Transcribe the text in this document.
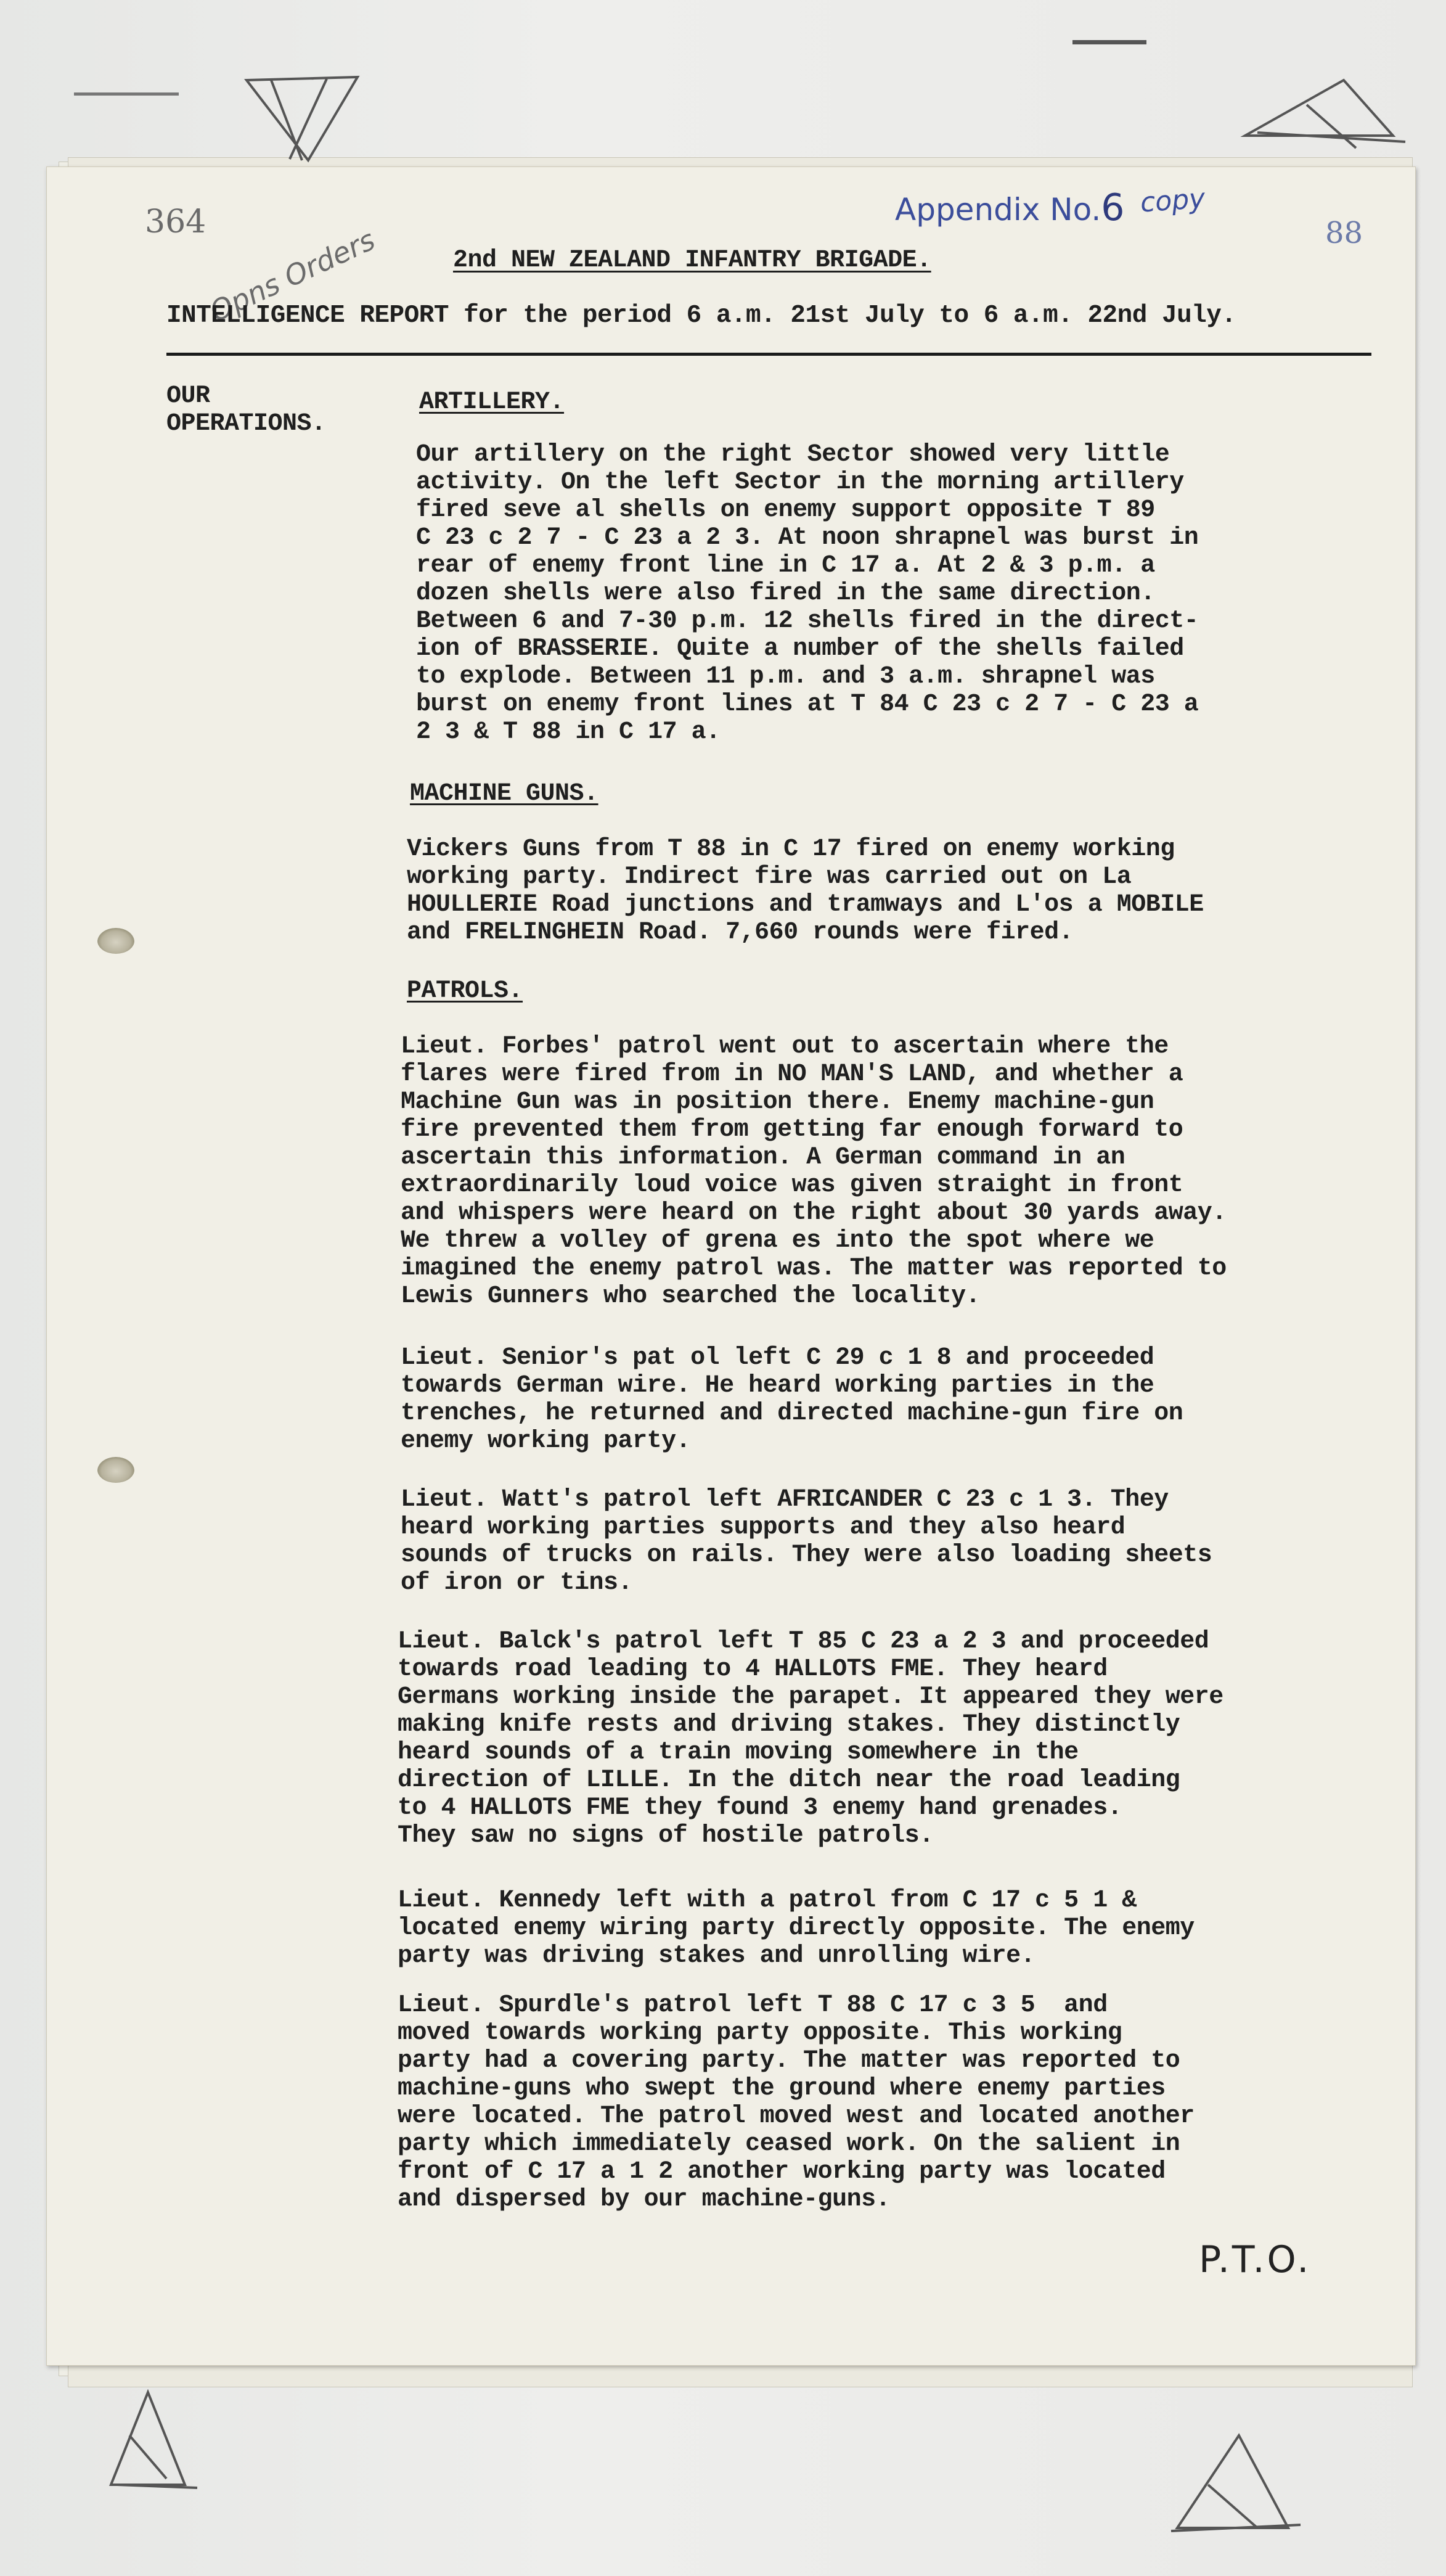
364
Opns Orders
Appendix No.6 copy
88
2nd NEW ZEALAND INFANTRY BRIGADE.
INTELLIGENCE REPORT for the period 6 a.m. 21st July to 6 a.m. 22nd July.
OUR
OPERATIONS.
ARTILLERY.
Our artillery on the right Sector showed very little
activity. On the left Sector in the morning artillery
fired seve al shells on enemy support opposite T 89
C 23 c 2 7 - C 23 a 2 3. At noon shrapnel was burst in
rear of enemy front line in C 17 a. At 2 & 3 p.m. a
dozen shells were also fired in the same direction.
Between 6 and 7-30 p.m. 12 shells fired in the direct-
ion of BRASSERIE. Quite a number of the shells failed
to explode. Between 11 p.m. and 3 a.m. shrapnel was
burst on enemy front lines at T 84 C 23 c 2 7 - C 23 a
2 3 & T 88 in C 17 a.
MACHINE GUNS.
Vickers Guns from T 88 in C 17 fired on enemy working
working party. Indirect fire was carried out on La
HOULLERIE Road junctions and tramways and L'os a MOBILE
and FRELINGHEIN Road. 7,660 rounds were fired.
PATROLS.
Lieut. Forbes' patrol went out to ascertain where the
flares were fired from in NO MAN'S LAND, and whether a
Machine Gun was in position there. Enemy machine-gun
fire prevented them from getting far enough forward to
ascertain this information. A German command in an
extraordinarily loud voice was given straight in front
and whispers were heard on the right about 30 yards away.
We threw a volley of grena es into the spot where we
imagined the enemy patrol was. The matter was reported to
Lewis Gunners who searched the locality.
Lieut. Senior's pat ol left C 29 c 1 8 and proceeded
towards German wire. He heard working parties in the
trenches, he returned and directed machine-gun fire on
enemy working party.
Lieut. Watt's patrol left AFRICANDER C 23 c 1 3. They
heard working parties supports and they also heard
sounds of trucks on rails. They were also loading sheets
of iron or tins.
Lieut. Balck's patrol left T 85 C 23 a 2 3 and proceeded
towards road leading to 4 HALLOTS FME. They heard
Germans working inside the parapet. It appeared they were
making knife rests and driving stakes. They distinctly
heard sounds of a train moving somewhere in the
direction of LILLE. In the ditch near the road leading
to 4 HALLOTS FME they found 3 enemy hand grenades.
They saw no signs of hostile patrols.
Lieut. Kennedy left with a patrol from C 17 c 5 1 &
located enemy wiring party directly opposite. The enemy
party was driving stakes and unrolling wire.
Lieut. Spurdle's patrol left T 88 C 17 c 3 5  and
moved towards working party opposite. This working
party had a covering party. The matter was reported to
machine-guns who swept the ground where enemy parties
were located. The patrol moved west and located another
party which immediately ceased work. On the salient in
front of C 17 a 1 2 another working party was located
and dispersed by our machine-guns.
P.T.O.
